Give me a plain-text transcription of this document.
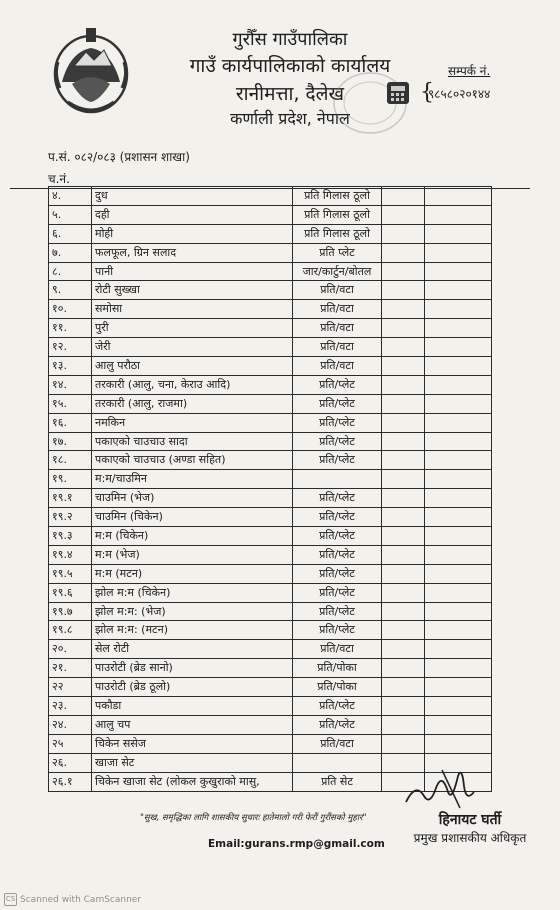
गुरौँस गाउँपालिका
गाउँ कार्यपालिकाको कार्यालय
रानीमत्ता, दैलेख
कर्णाली प्रदेश, नेपाल
{
सम्पर्क नं.
९८५८०२०१४४
प.सं. ०८२/०८३ (प्रशासन शाखा)
च.नं.
४.	दुध	प्रति गिलास ठूलो		
५.	दही	प्रति गिलास ठूलो		
६.	मोही	प्रति गिलास ठूलो		
७.	फलफूल, ग्रिन सलाद	प्रति प्लेट		
८.	पानी	जार/कार्टुन/बोतल		
९.	रोटी सुख्खा	प्रति/वटा		
१०.	समोसा	प्रति/वटा		
११.	पुरी	प्रति/वटा		
१२.	जेरी	प्रति/वटा		
१३.	आलु परौठा	प्रति/वटा		
१४.	तरकारी (आलु, चना, केराउ आदि)	प्रति/प्लेट		
१५.	तरकारी (आलु, राजमा)	प्रति/प्लेट		
१६.	नमकिन	प्रति/प्लेट		
१७.	पकाएको चाउचाउ सादा	प्रति/प्लेट		
१८.	पकाएको चाउचाउ (अण्डा सहित)	प्रति/प्लेट		
१९.	म:म/चाउमिन			
१९.१	चाउमिन (भेज)	प्रति/प्लेट		
१९.२	चाउमिन (चिकेन)	प्रति/प्लेट		
१९.३	म:म (चिकेन)	प्रति/प्लेट		
१९.४	म:म (भेज)	प्रति/प्लेट		
१९.५	म:म (मटन)	प्रति/प्लेट		
१९.६	झोल म:म (चिकेन)	प्रति/प्लेट		
१९.७	झोल म:म: (भेज)	प्रति/प्लेट		
१९.८	झोल म:म: (मटन)	प्रति/प्लेट		
२०.	सेल रोटी	प्रति/वटा		
२१.	पाउरोटी (ब्रेड सानो)	प्रति/पोका		
२२	पाउरोटी (ब्रेड ठूलो)	प्रति/पोका		
२३.	पकौडा	प्रति/प्लेट		
२४.	आलु चप	प्रति/प्लेट		
२५	चिकेन ससेज	प्रति/वटा		
२६.	खाजा सेट			
२६.१	चिकेन खाजा सेट (लोकल कुखुराको मासु,	प्रति सेट		
हिनायट घर्ती
प्रमुख प्रशासकीय अधिकृत
"सुख, समृद्धिका लागि शासकीय सुधारः हातेमालो गरी फेरौं गुरौंसको मुहार"
Email:gurans.rmp@gmail.com
CS Scanned with CamScanner
